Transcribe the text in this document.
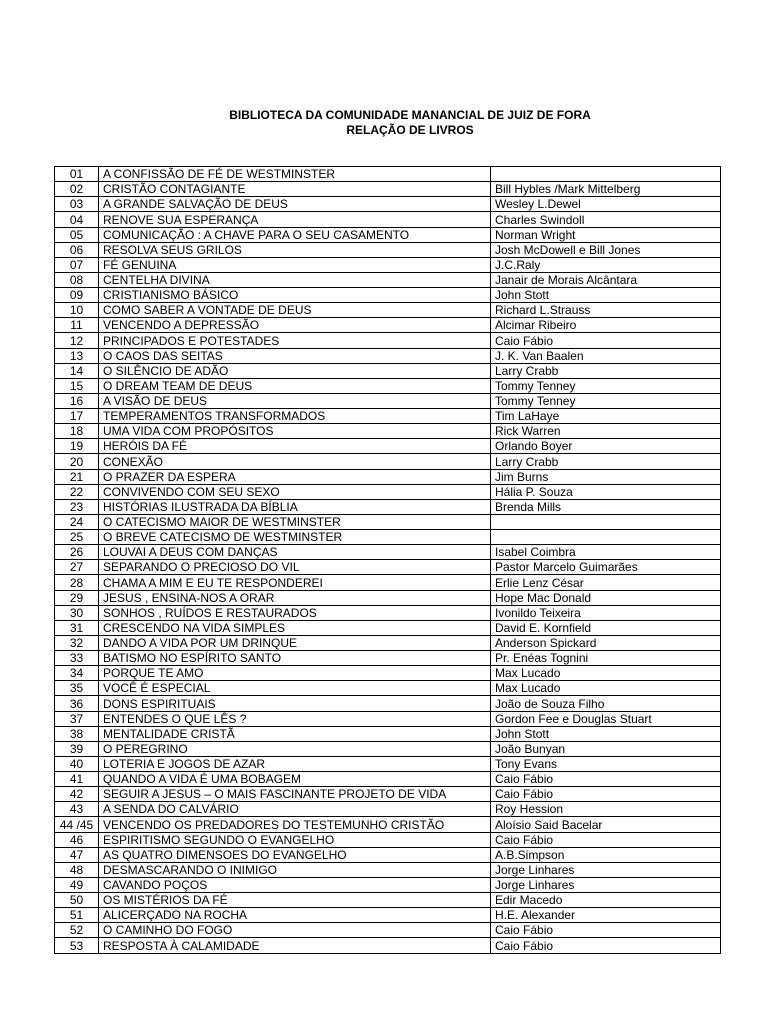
BIBLIOTECA DA COMUNIDADE MANANCIAL DE JUIZ DE FORA
RELAÇÃO DE LIVROS
01	A CONFISSÃO DE FÉ DE WESTMINSTER	
02	CRISTÃO CONTAGIANTE	Bill Hybles /Mark Mittelberg
03	A GRANDE SALVAÇÃO DE DEUS	Wesley L.Dewel
04	RENOVE SUA ESPERANÇA	Charles Swindoll
05	COMUNICAÇÃO : A CHAVE PARA O SEU CASAMENTO	Norman Wright
06	RESOLVA SEUS GRILOS	Josh McDowell e Bill Jones
07	FÉ GENUINA	J.C.Raly
08	CENTELHA DIVINA	Janair de Morais Alcântara
09	CRISTIANISMO BÁSICO	John Stott
10	COMO SABER A VONTADE DE DEUS	Richard L.Strauss
11	VENCENDO A DEPRESSÃO	Alcimar Ribeiro
12	PRINCIPADOS E POTESTADES	Caio Fábio
13	O CAOS DAS SEITAS	J. K. Van Baalen
14	O SILÊNCIO DE ADÃO	Larry Crabb
15	O DREAM TEAM DE DEUS	Tommy Tenney
16	A VISÃO DE DEUS	Tommy Tenney
17	TEMPERAMENTOS TRANSFORMADOS	Tim LaHaye
18	UMA VIDA COM PROPÓSITOS	Rick Warren
19	HERÓIS DA FÉ	Orlando Boyer
20	CONEXÃO	Larry Crabb
21	O PRAZER DA ESPERA	Jim Burns
22	CONVIVENDO COM SEU SEXO	Hália P. Souza
23	HISTÓRIAS ILUSTRADA DA BÍBLIA	Brenda Mills
24	O CATECISMO MAIOR DE WESTMINSTER	
25	O BREVE CATECISMO DE WESTMINSTER	
26	LOUVAI A DEUS COM DANÇAS	Isabel Coimbra
27	SEPARANDO O PRECIOSO DO VIL	Pastor Marcelo Guimarães
28	CHAMA A MIM E EU TE RESPONDEREI	Erlie Lenz César
29	JESUS , ENSINA-NOS A ORAR	Hope Mac Donald
30	SONHOS , RUÍDOS E RESTAURADOS	Ivonildo Teixeira
31	CRESCENDO NA VIDA SIMPLES	David E. Kornfield
32	DANDO A VIDA POR UM DRINQUE	Anderson Spickard
33	BATISMO NO ESPÍRITO SANTO	Pr. Enéas Tognini
34	PORQUE TE AMO	Max Lucado
35	VOCÊ É ESPECIAL	Max Lucado
36	DONS ESPIRITUAIS	João de Souza Filho
37	ENTENDES O QUE LÊS ?	Gordon Fee e Douglas Stuart
38	MENTALIDADE CRISTÃ	John Stott
39	O PEREGRINO	João Bunyan
40	LOTERIA E JOGOS DE AZAR	Tony Evans
41	QUANDO A VIDA É UMA BOBAGEM	Caio Fábio
42	SEGUIR A JESUS – O MAIS FASCINANTE PROJETO DE VIDA	Caio Fábio
43	A SENDA DO CALVÁRIO	Roy Hession
44 /45	VENCENDO OS PREDADORES DO TESTEMUNHO CRISTÃO	Aloísio Said Bacelar
46	ESPIRITISMO SEGUNDO O EVANGELHO	Caio Fábio
47	AS QUATRO DIMENSOES DO EVANGELHO	A.B.Simpson
48	DESMASCARANDO O INIMIGO	Jorge Linhares
49	CAVANDO POÇOS	Jorge Linhares
50	OS MISTÉRIOS DA FÉ	Edir Macedo
51	ALICERÇADO NA ROCHA	H.E. Alexander
52	O CAMINHO DO FOGO	Caio Fábio
53	RESPOSTA À CALAMIDADE	Caio Fábio
